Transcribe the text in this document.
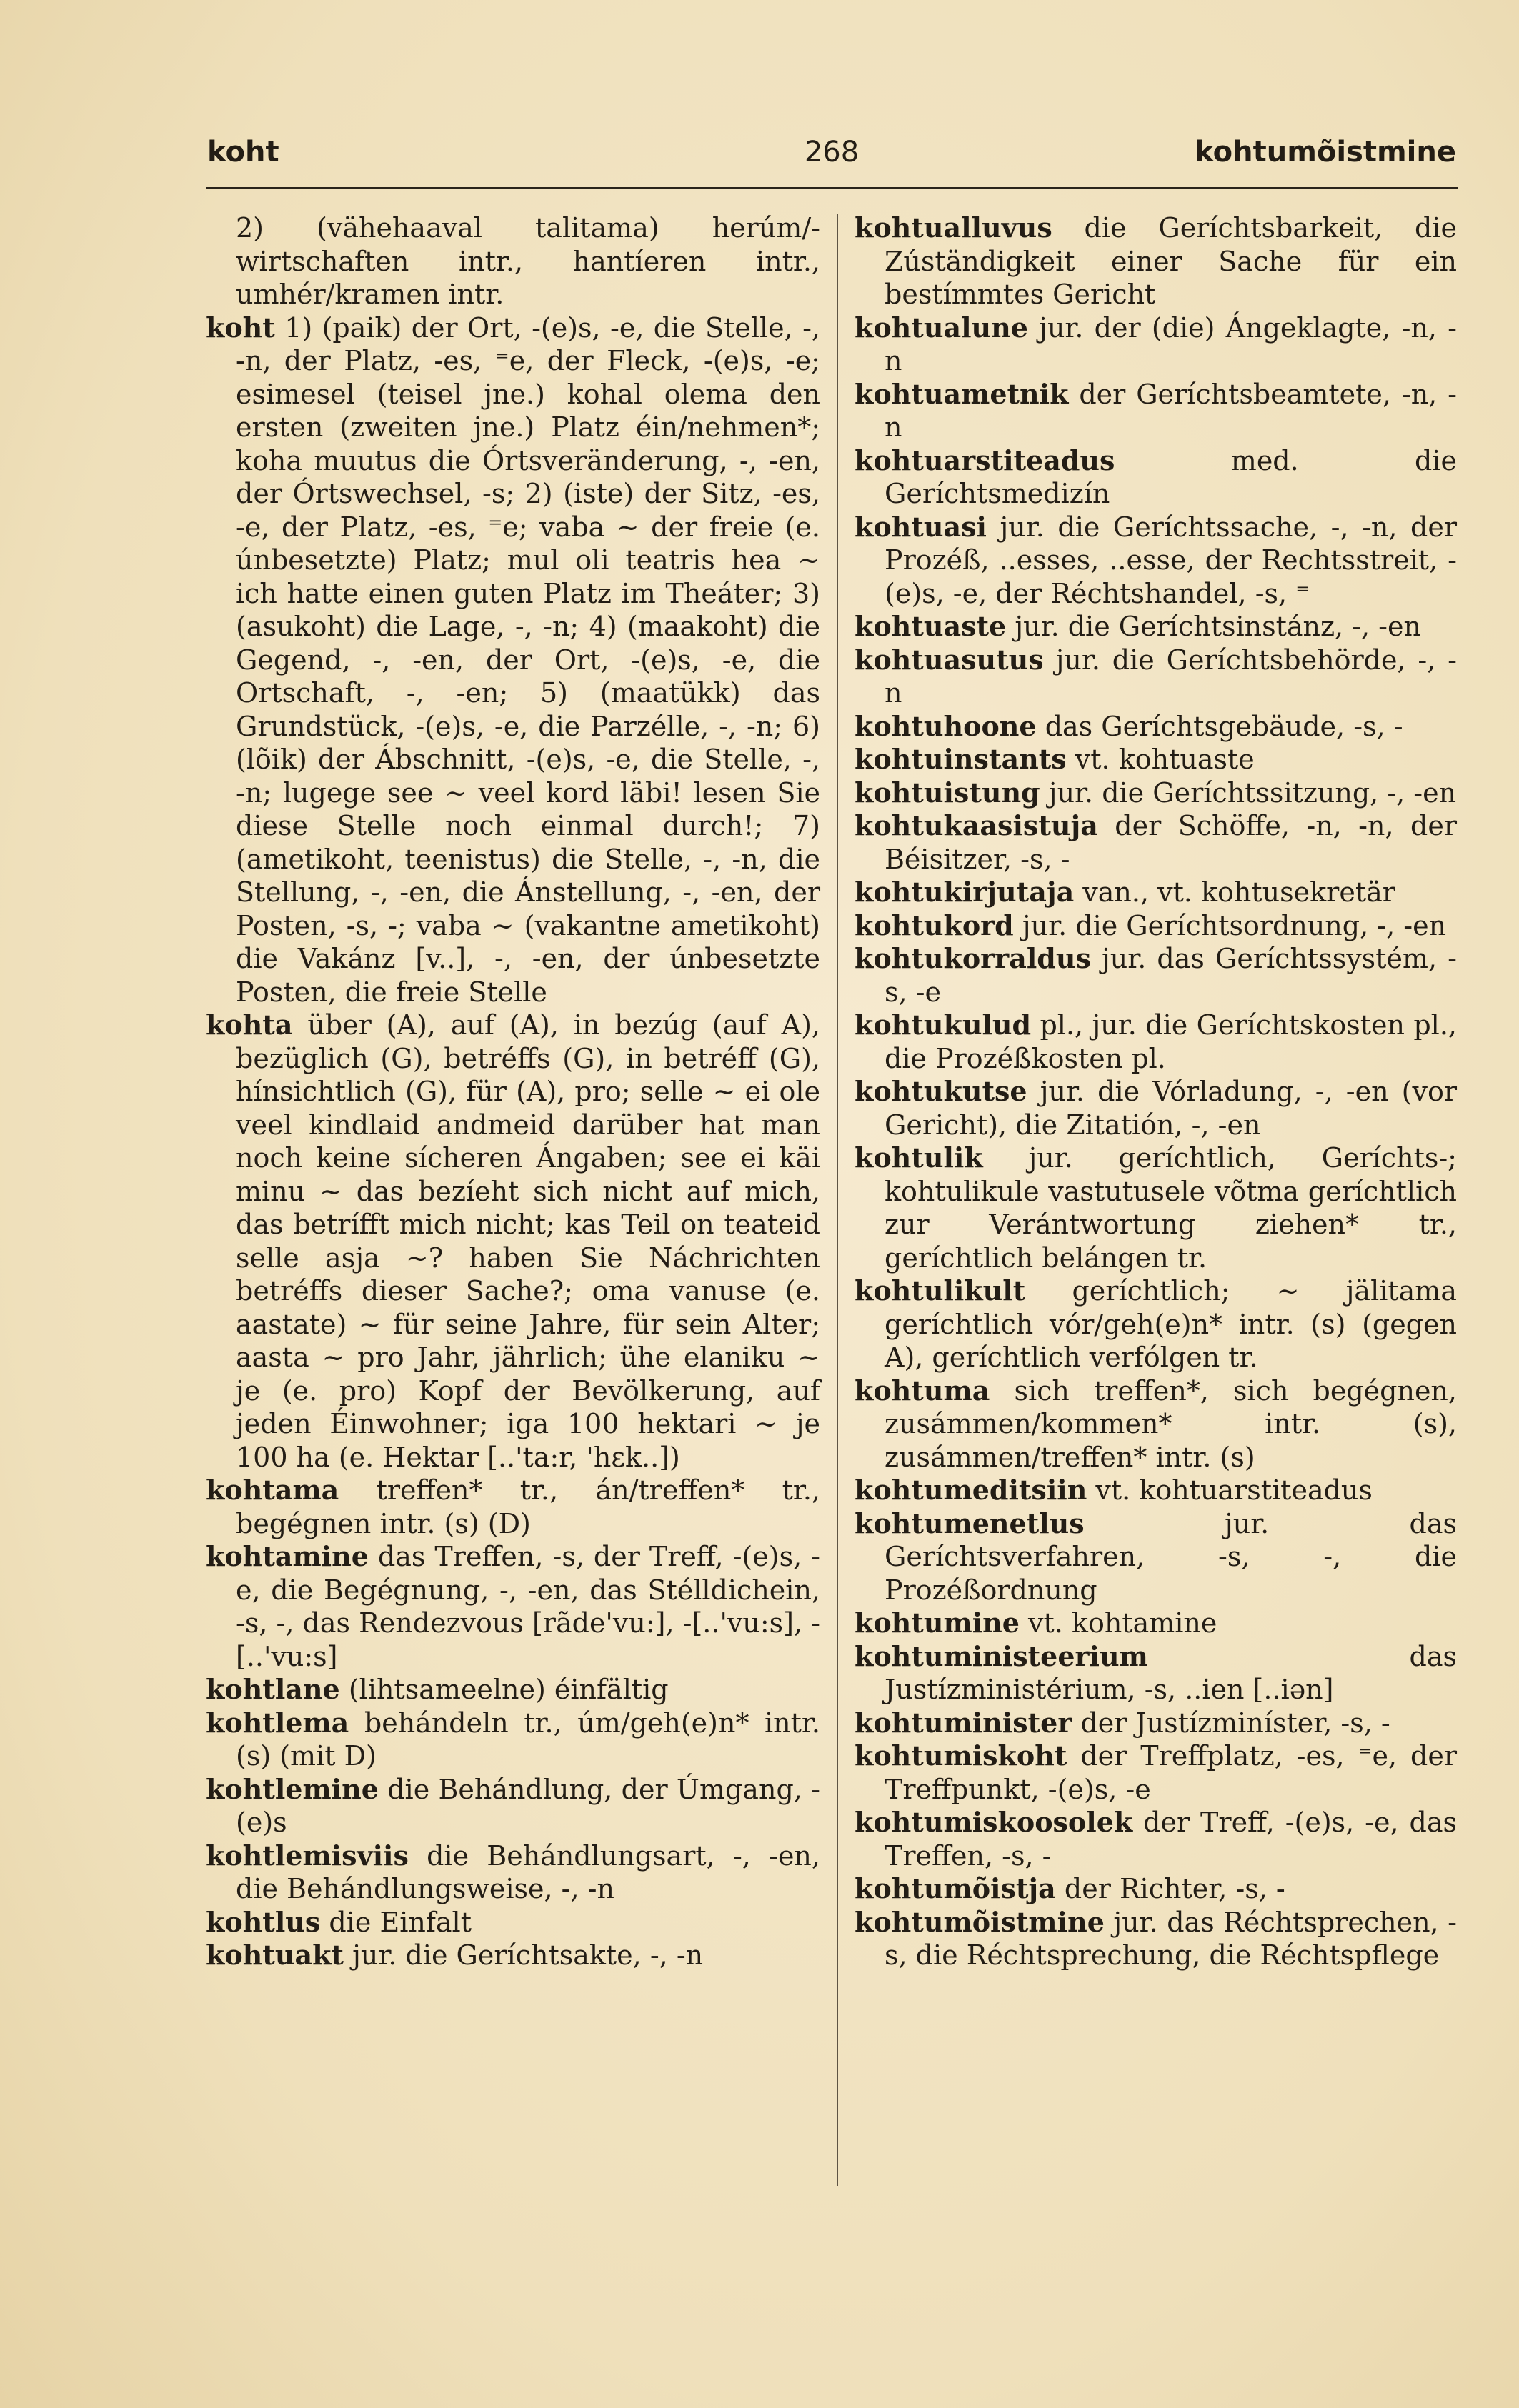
koht	268	kohtumõistmine

2) (vähehaaval talitama) herúm/-wirtschaften intr., hantíeren intr., umhér/kramen intr.

koht 1) (paik) der Ort, -(e)s, -e, die Stelle, -, -n, der Platz, -es, ⁼e, der Fleck, -(e)s, -e; esimesel (teisel jne.) kohal olema den ersten (zweiten jne.) Platz éin/nehmen*; koha muutus die Órtsveränderung, -, -en, der Órtswechsel, -s; 2) (iste) der Sitz, -es, -e, der Platz, -es, ⁼e; vaba ~ der freie (e. únbesetzte) Platz; mul oli teatris hea ~ ich hatte einen guten Platz im Theáter; 3) (asukoht) die Lage, -, -n; 4) (maakoht) die Gegend, -, -en, der Ort, -(e)s, -e, die Ortschaft, -, -en; 5) (maatükk) das Grundstück, -(e)s, -e, die Parzélle, -, -n; 6) (lõik) der Ábschnitt, -(e)s, -e, die Stelle, -, -n; lugege see ~ veel kord läbi! lesen Sie diese Stelle noch einmal durch!; 7) (ametikoht, teenistus) die Stelle, -, -n, die Stellung, -, -en, die Ánstellung, -, -en, der Posten, -s, -; vaba ~ (vakantne ametikoht) die Vakánz [v..], -, -en, der únbesetzte Posten, die freie Stelle

kohta über (A), auf (A), in bezúg (auf A), bezüglich (G), betréffs (G), in betréff (G), hínsichtlich (G), für (A), pro; selle ~ ei ole veel kindlaid andmeid darüber hat man noch keine sícheren Ángaben; see ei käi minu ~ das bezíeht sich nicht auf mich, das betrífft mich nicht; kas Teil on teateid selle asja ~? haben Sie Náchrichten betréffs dieser Sache?; oma vanuse (e. aastate) ~ für seine Jahre, für sein Alter; aasta ~ pro Jahr, jährlich; ühe elaniku ~ je (e. pro) Kopf der Bevölkerung, auf jeden Éinwohner; iga 100 hektari ~ je 100 ha (e. Hektar [..'ta:r, 'hɛk..])

kohtama treffen* tr., án/treffen* tr., begégnen intr. (s) (D)

kohtamine das Treffen, -s, der Treff, -(e)s, -e, die Begégnung, -, -en, das Stélldichein, -s, -, das Rendezvous [rãde'vu:], -[..'vu:s], -[..'vu:s]

kohtlane (lihtsameelne) éinfältig

kohtlema behándeln tr., úm/geh(e)n* intr. (s) (mit D)

kohtlemine die Behándlung, der Úmgang, -(e)s

kohtlemisviis die Behándlungsart, -, -en, die Behándlungsweise, -, -n

kohtlus die Einfalt

kohtuakt jur. die Geríchtsakte, -, -n

kohtualluvus die Geríchtsbarkeit, die Zúständigkeit einer Sache für ein bestímmtes Gericht

kohtualune jur. der (die) Ángeklagte, -n, -n

kohtuametnik der Geríchtsbeamtete, -n, -n

kohtuarstiteadus	med. die Geríchtsmedizín

kohtuasi jur. die Geríchtssache, -, -n, der Prozéß, ..esses, ..esse, der Rechtsstreit, -(e)s, -e, der Réchtshandel, -s, ⁼

kohtuaste jur. die Geríchtsinstánz, -, -en

kohtuasutus jur. die Geríchtsbehörde, -, -n

kohtuhoone das Geríchtsgebäude, -s, -

kohtuinstants vt. kohtuaste

kohtuistung jur. die Geríchtssitzung, -, -en

kohtukaasistuja der Schöffe, -n, -n, der Béisitzer, -s, -

kohtukirjutaja van., vt. kohtusekretär

kohtukord jur. die Geríchtsordnung, -, -en

kohtukorraldus jur. das Geríchtssystém, -s, -e

kohtukulud pl., jur. die Geríchtskosten pl., die Prozéßkosten pl.

kohtukutse jur. die Vórladung, -, -en (vor Gericht), die Zitatión, -, -en

kohtulik jur. geríchtlich, Geríchts-; kohtulikule vastutusele võtma geríchtlich zur Verántwortung ziehen* tr., geríchtlich belángen tr.

kohtulikult geríchtlich; ~ jälitama geríchtlich vór/geh(e)n* intr. (s) (gegen A), geríchtlich verfólgen tr.

kohtuma sich treffen*, sich begégnen, zusámmen/kommen* intr. (s), zusámmen/treffen* intr. (s)

kohtumeditsiin vt. kohtuarstiteadus

kohtumenetlus	jur. das Geríchtsverfahren, -s, -, die Prozéßordnung

kohtumine vt. kohtamine

kohtuministeerium	das Justízministérium, -s, ..ien [..iən]

kohtuminister der Justízminíster, -s, -

kohtumiskoht der Treffplatz, -es, ⁼e, der Treffpunkt, -(e)s, -e

kohtumiskoosolek der Treff, -(e)s, -e, das Treffen, -s, -

kohtumõistja der Richter, -s, -

kohtumõistmine jur. das Réchtsprechen, -s, die Réchtsprechung, die Réchtspflege
